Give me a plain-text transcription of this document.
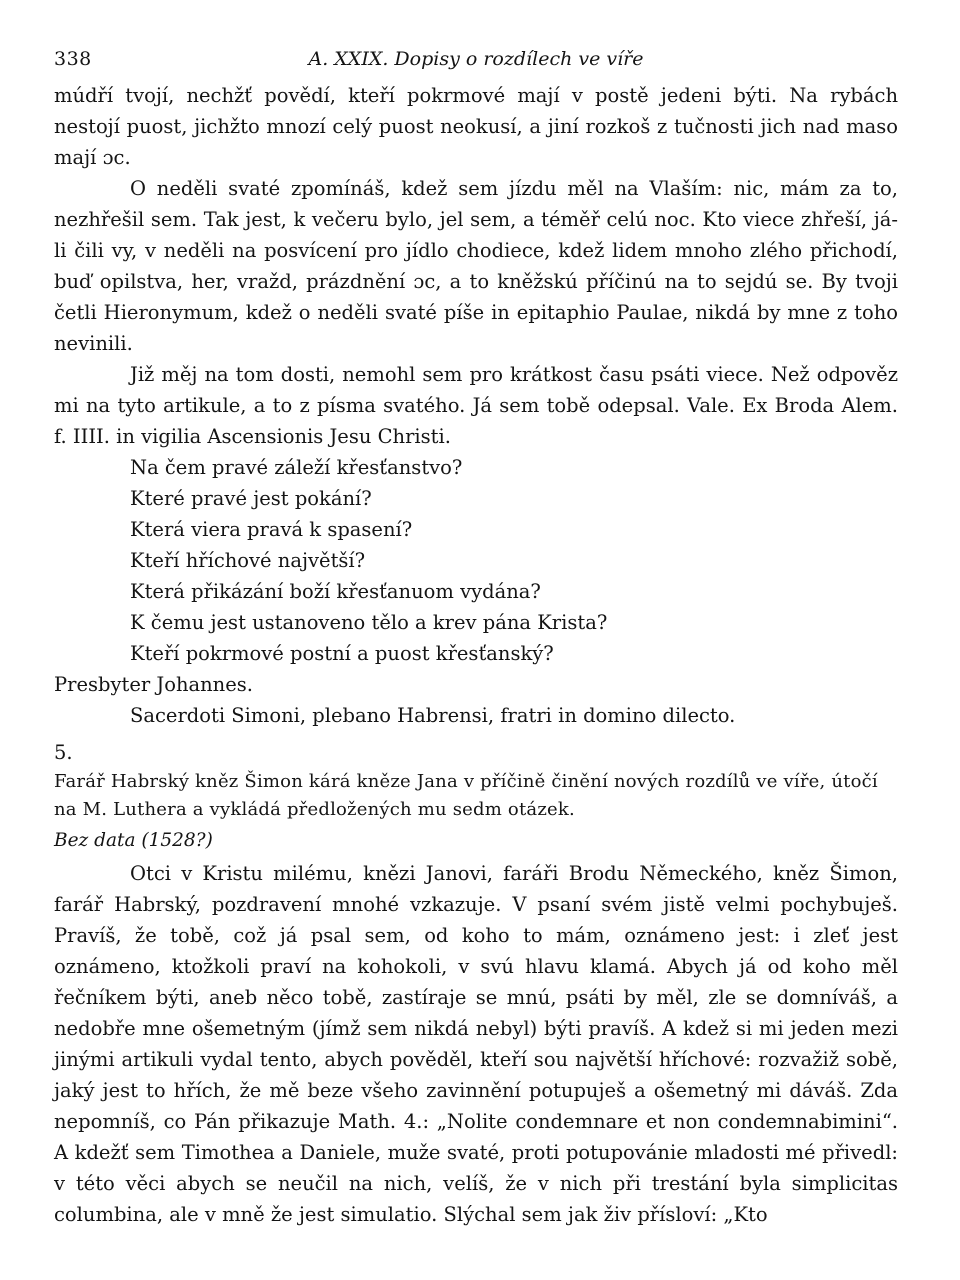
338	A. XXIX. Dopisy o rozdílech ve víře

múdří tvojí, nechžť povědí, kteří pokrmové mají v postě jedeni býti. Na rybách nestojí puost, jichžto mnozí celý puost neokusí, a jiní rozkoš z tučnosti jich nad maso mají ɔc.

O neděli svaté zpomínáš, kdež sem jízdu měl na Vlaším: nic, mám za to, nezhřešil sem. Tak jest, k večeru bylo, jel sem, a téměř celú noc. Kto viece zhřeší, já-li čili vy, v neděli na posvícení pro jídlo chodiece, kdež lidem mnoho zlého přichodí, buď opilstva, her, vražd, prázdnění ɔc, a to kněžskú příčinú na to sejdú se. By tvoji četli Hieronymum, kdež o neděli svaté píše in epitaphio Paulae, nikdá by mne z toho nevinili.

Již měj na tom dosti, nemohl sem pro krátkost času psáti viece. Než odpověz mi na tyto artikule, a to z písma svatého. Já sem tobě odepsal. Vale. Ex Broda Alem. f. IIII. in vigilia Ascensionis Jesu Christi.

Na čem pravé záleží křesťanstvo?

Které pravé jest pokání?

Která viera pravá k spasení?

Kteří hříchové najvětší?

Která přikázání boží křesťanuom vydána?

K čemu jest ustanoveno tělo a krev pána Krista?

Kteří pokrmové postní a puost křesťanský?

Presbyter Johannes.

Sacerdoti Simoni, plebano Habrensi, fratri in domino dilecto.

5.

Farář Habrský kněz Šimon kárá kněze Jana v příčině činění nových rozdílů ve víře, útočí

na M. Luthera a vykládá předložených mu sedm otázek.

Bez data (1528?)

Otci v Kristu milému, knězi Janovi, faráři Brodu Německého, kněz Šimon, farář Habrský, pozdravení mnohé vzkazuje. V psaní svém jistě velmi pochybuješ. Pravíš, že tobě, což já psal sem, od koho to mám, oznámeno jest: i zleť jest oznámeno, ktožkoli praví na kohokoli, v svú hlavu klamá. Abych já od koho měl řečníkem býti, aneb něco tobě, zastíraje se mnú, psáti by měl, zle se domníváš, a nedobře mne ošemetným (jímž sem nikdá nebyl) býti pravíš. A kdež si mi jeden mezi jinými artikuli vydal tento, abych pověděl, kteří sou najvětší hříchové: rozvažiž sobě, jaký jest to hřích, že mě beze všeho zavinnění potupuješ a ošemetný mi dáváš. Zda nepomníš, co Pán přikazuje Math. 4.: „Nolite condemnare et non condemnabimini“. A kdežť sem Timothea a Daniele, muže svaté, proti potupovánie mladosti mé přivedl: v této věci abych se neučil na nich, velíš, že v nich při trestání byla simplicitas columbina, ale v mně že jest simulatio. Slýchal sem jak živ přísloví: „Kto
